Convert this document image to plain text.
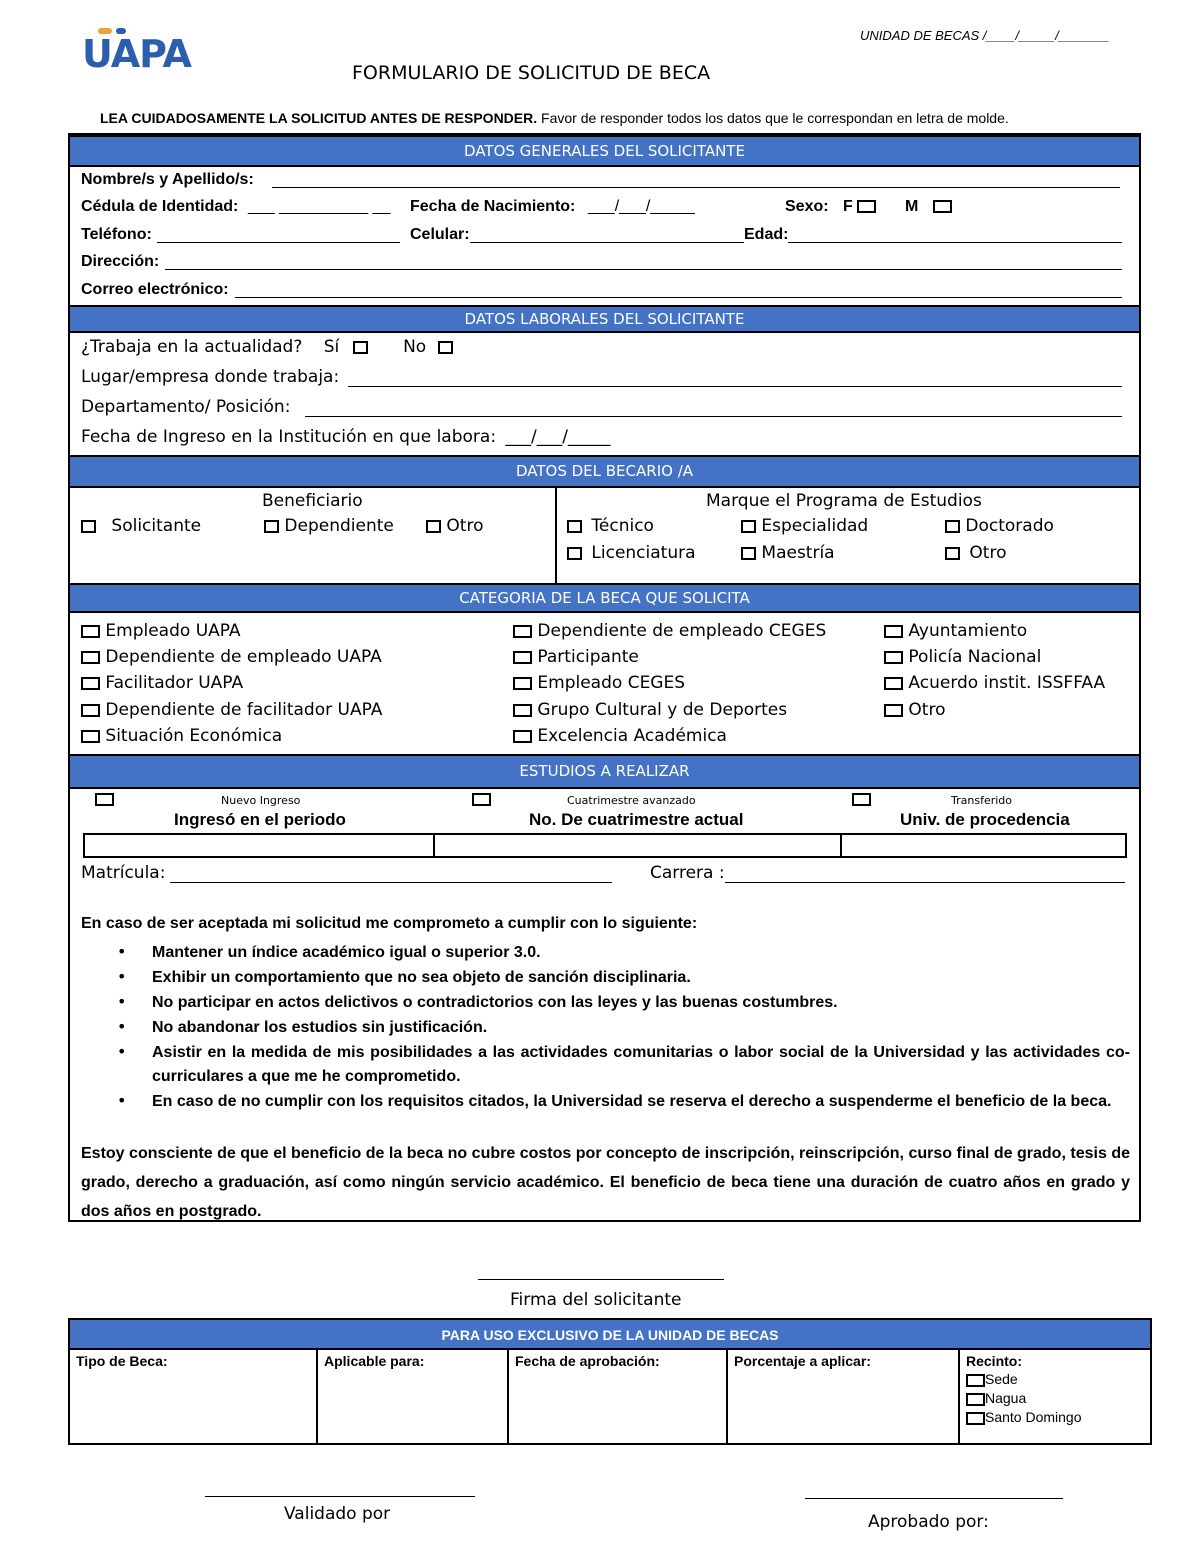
UAPA	UNIDAD DE BECAS /____/_____/_______
FORMULARIO DE SOLICITUD DE BECA
LEA CUIDADOSAMENTE LA SOLICITUD ANTES DE RESPONDER. Favor de responder todos los datos que le correspondan en letra de molde.
DATOS GENERALES DEL SOLICITANTE
Nombre/s y Apellido/s:
Cédula de Identidad: ___ __________ __ Fecha de Nacimiento: ___/___/_____	Sexo: F	M
Teléfono:	Celular:	Edad:
Dirección:
Correo electrónico:
DATOS LABORALES DEL SOLICITANTE
¿Trabaja en la actualidad? Sí	No
Lugar/empresa donde trabaja:
Departamento/ Posición:
Fecha de Ingreso en la Institución en que labora: ___/___/_____
DATOS DEL BECARIO /A
Beneficiario
Solicitante	Dependiente	Otro
Marque el Programa de Estudios
Técnico	Especialidad	Doctorado
Licenciatura	Maestría	Otro
CATEGORIA DE LA BECA QUE SOLICITA
Empleado UAPA
Dependiente de empleado UAPA
Facilitador UAPA
Dependiente de facilitador UAPA
Situación Económica
Dependiente de empleado CEGES
Participante
Empleado CEGES
Grupo Cultural y de Deportes
Excelencia Académica
Ayuntamiento
Policía Nacional
Acuerdo instit. ISSFFAA
Otro
ESTUDIOS A REALIZAR
Nuevo Ingreso	Cuatrimestre avanzado	Transferido
Ingresó en el periodo	No. De cuatrimestre actual	Univ. de procedencia
Matrícula:	Carrera :
En caso de ser aceptada mi solicitud me comprometo a cumplir con lo siguiente:
• Mantener un índice académico igual o superior 3.0.
• Exhibir un comportamiento que no sea objeto de sanción disciplinaria.
• No participar en actos delictivos o contradictorios con las leyes y las buenas costumbres.
• No abandonar los estudios sin justificación.
• Asistir en la medida de mis posibilidades a las actividades comunitarias o labor social de la Universidad y las actividades co-curriculares a que me he comprometido.
• En caso de no cumplir con los requisitos citados, la Universidad se reserva el derecho a suspenderme el beneficio de la beca.
Estoy consciente de que el beneficio de la beca no cubre costos por concepto de inscripción, reinscripción, curso final de grado, tesis de grado, derecho a graduación, así como ningún servicio académico. El beneficio de beca tiene una duración de cuatro años en grado y dos años en postgrado.
Firma del solicitante
PARA USO EXCLUSIVO DE LA UNIDAD DE BECAS
Tipo de Beca:	Aplicable para:	Fecha de aprobación:	Porcentaje a aplicar:	Recinto:
Sede
Nagua
Santo Domingo
Validado por	Aprobado por:
